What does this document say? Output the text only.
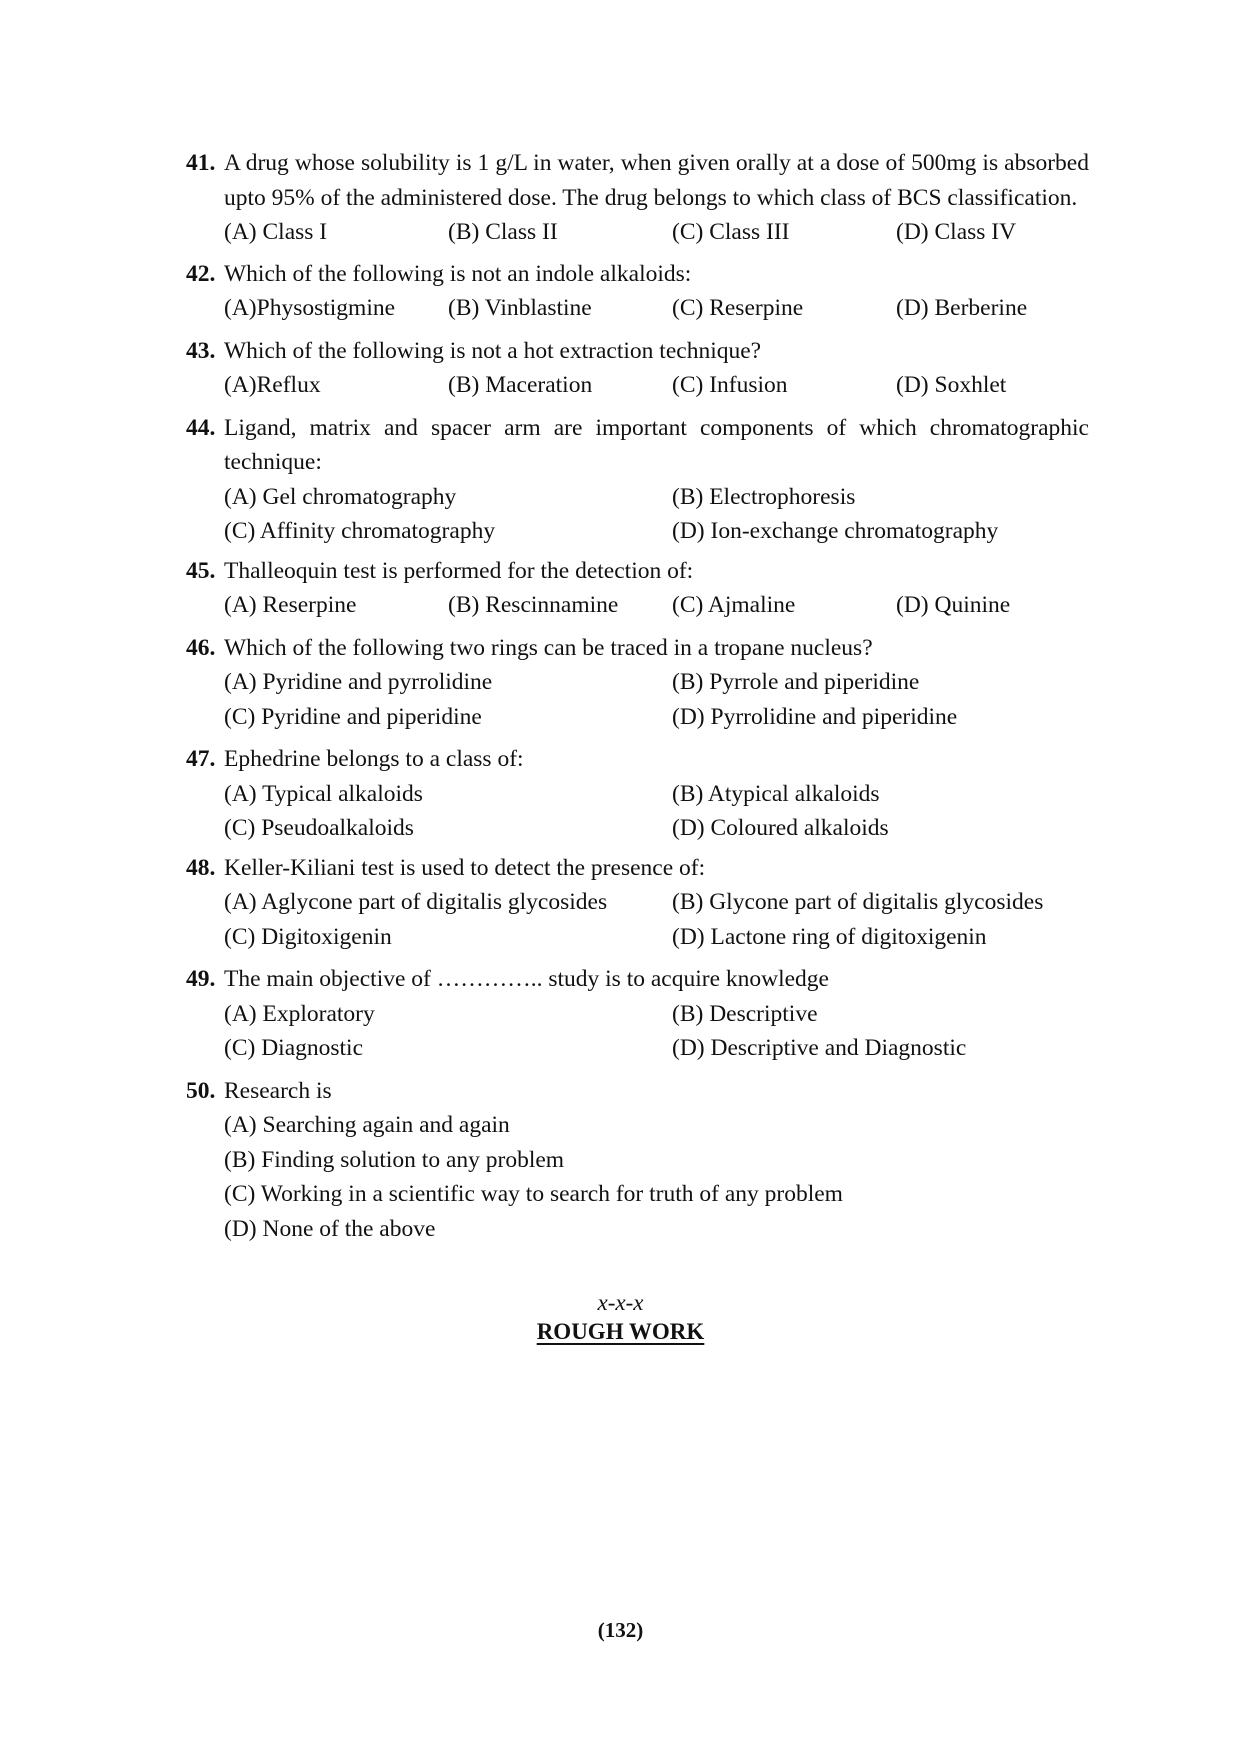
41. A drug whose solubility is 1 g/L in water, when given orally at a dose of 500mg is absorbed upto 95% of the administered dose. The drug belongs to which class of BCS classification.
(A) Class I	(B) Class II	(C) Class III	(D) Class IV
42. Which of the following is not an indole alkaloids:
(A)Physostigmine	(B) Vinblastine	(C) Reserpine	(D) Berberine
43. Which of the following is not a hot extraction technique?
(A)Reflux	(B) Maceration	(C) Infusion	(D) Soxhlet
44. Ligand, matrix and spacer arm are important components of which chromatographic technique:
(A) Gel chromatography	(B) Electrophoresis
(C) Affinity chromatography	(D) Ion-exchange chromatography
45. Thalleoquin test is performed for the detection of:
(A) Reserpine	(B) Rescinnamine	(C) Ajmaline	(D) Quinine
46. Which of the following two rings can be traced in a tropane nucleus?
(A) Pyridine and pyrrolidine	(B) Pyrrole and piperidine
(C) Pyridine and piperidine	(D) Pyrrolidine and piperidine
47. Ephedrine belongs to a class of:
(A) Typical alkaloids	(B) Atypical alkaloids
(C) Pseudoalkaloids	(D) Coloured alkaloids
48. Keller-Kiliani test is used to detect the presence of:
(A) Aglycone part of digitalis glycosides	(B) Glycone part of digitalis glycosides
(C) Digitoxigenin	(D) Lactone ring of digitoxigenin
49. The main objective of ………….. study is to acquire knowledge
(A) Exploratory	(B) Descriptive
(C) Diagnostic	(D) Descriptive and Diagnostic
50. Research is
(A) Searching again and again
(B) Finding solution to any problem
(C) Working in a scientific way to search for truth of any problem
(D) None of the above
x-x-x
ROUGH WORK
(132)
